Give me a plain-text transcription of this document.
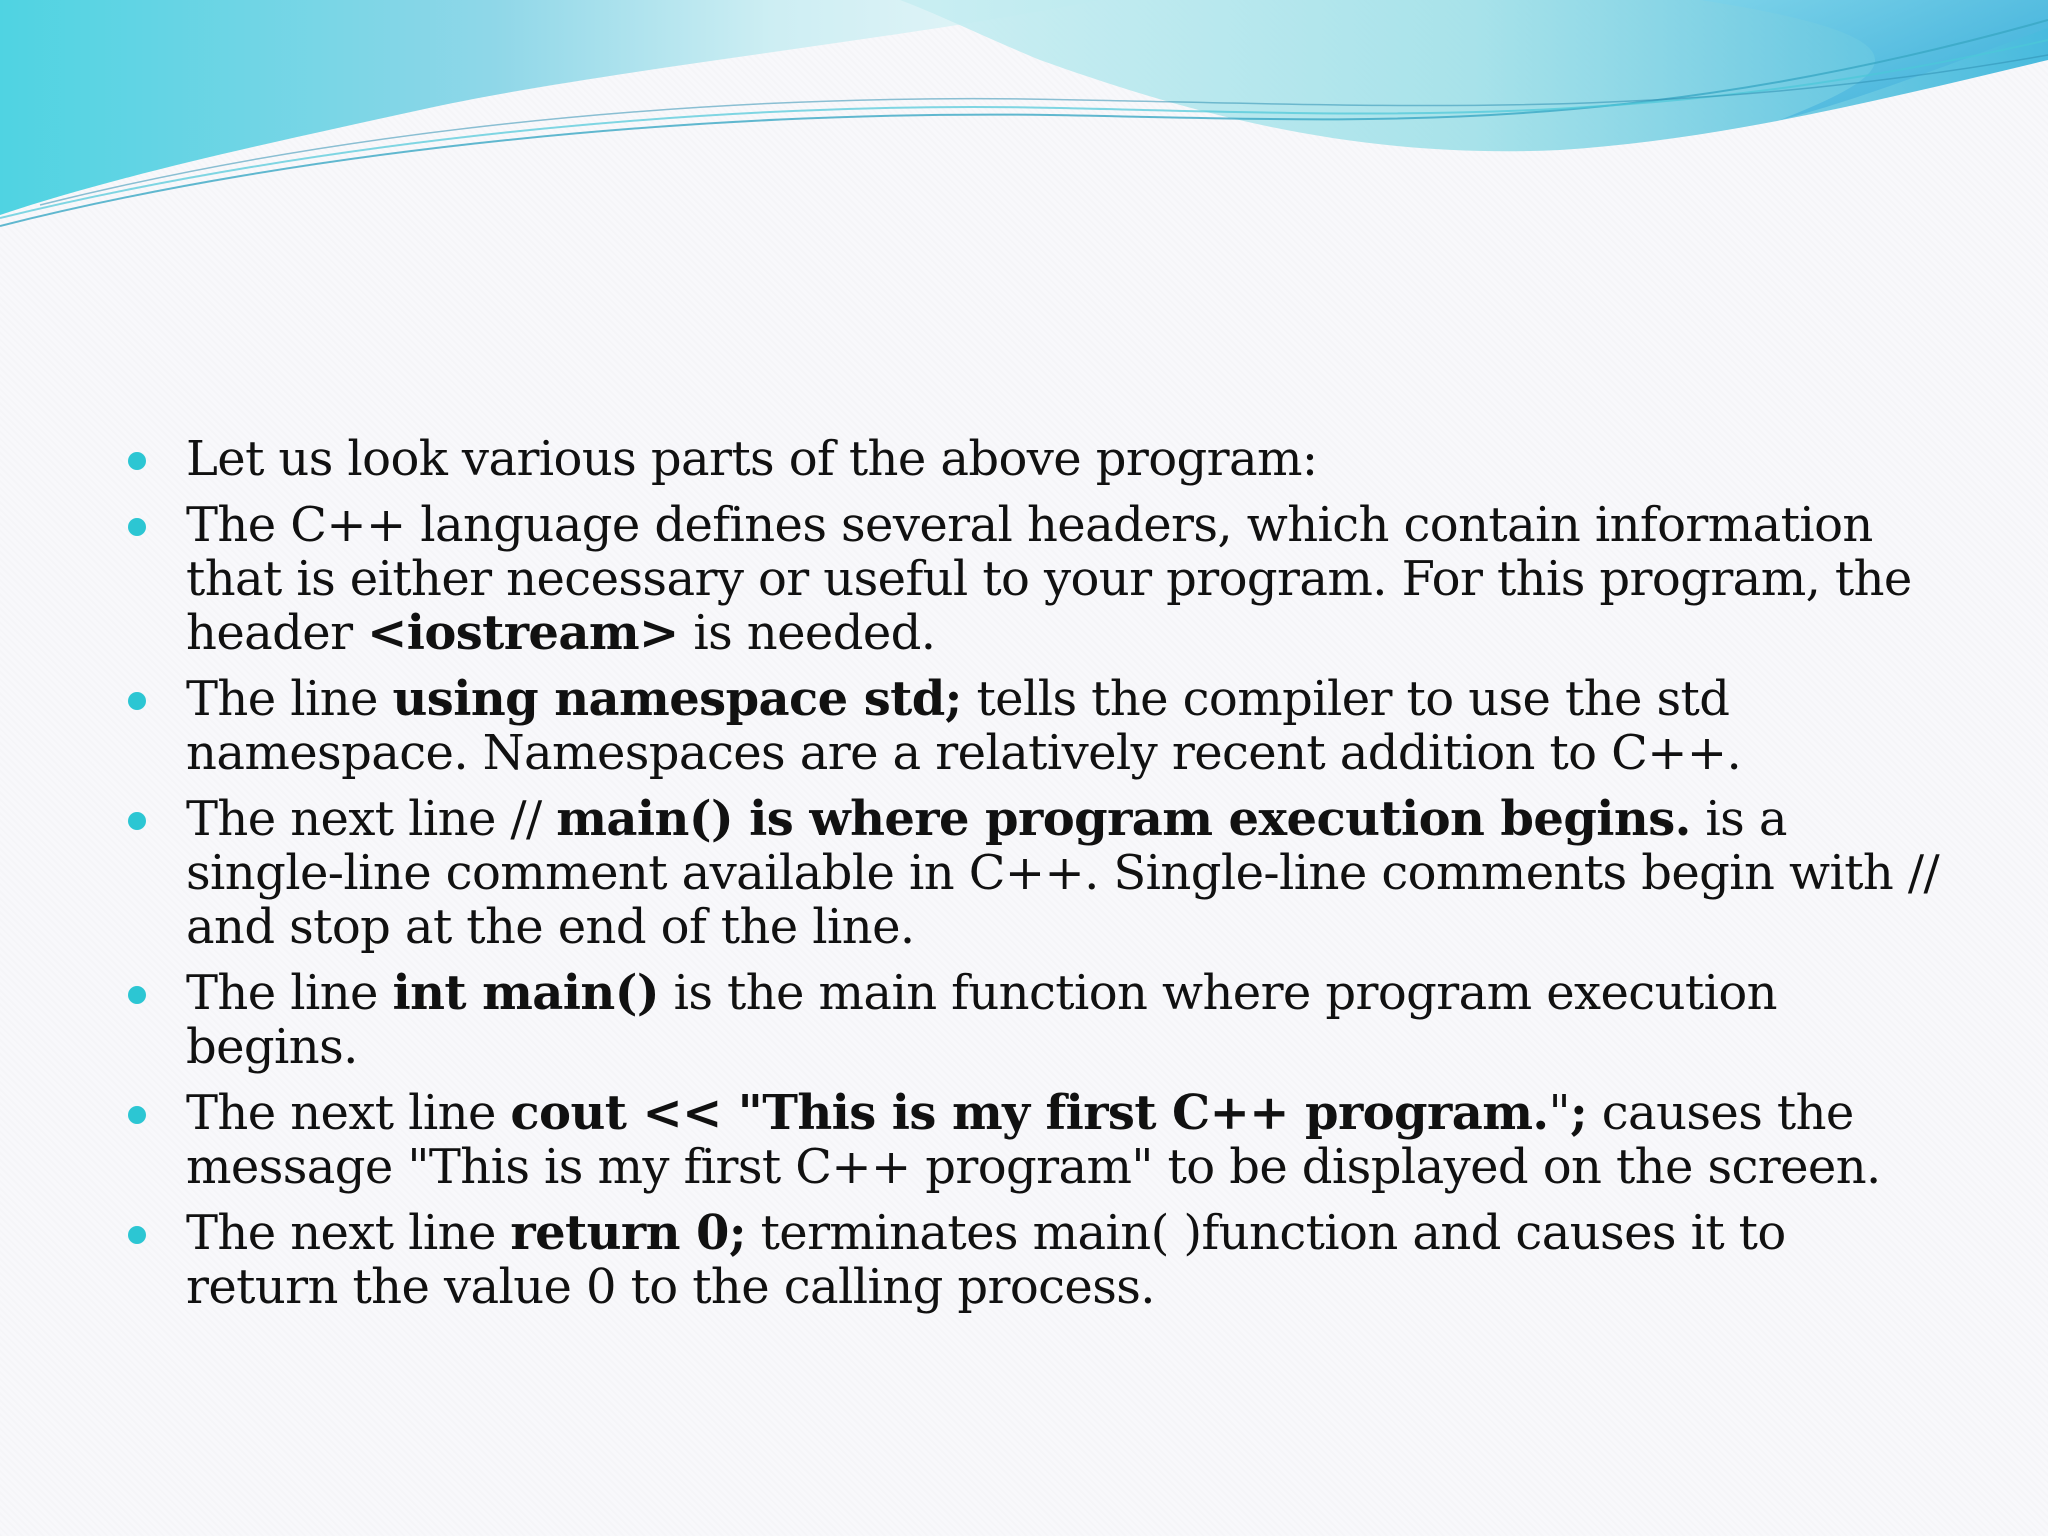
Let us look various parts of the above program:
The C++ language defines several headers, which contain information that is either necessary or useful to your program. For this program, the header <iostream> is needed.
The line using namespace std; tells the compiler to use the std namespace. Namespaces are a relatively recent addition to C++.
The next line // main() is where program execution begins. is a single-line comment available in C++. Single-line comments begin with // and stop at the end of the line.
The line int main() is the main function where program execution begins.
The next line cout << "This is my first C++ program."; causes the message "This is my first C++ program" to be displayed on the screen.
The next line return 0; terminates main( )function and causes it to return the value 0 to the calling process.
